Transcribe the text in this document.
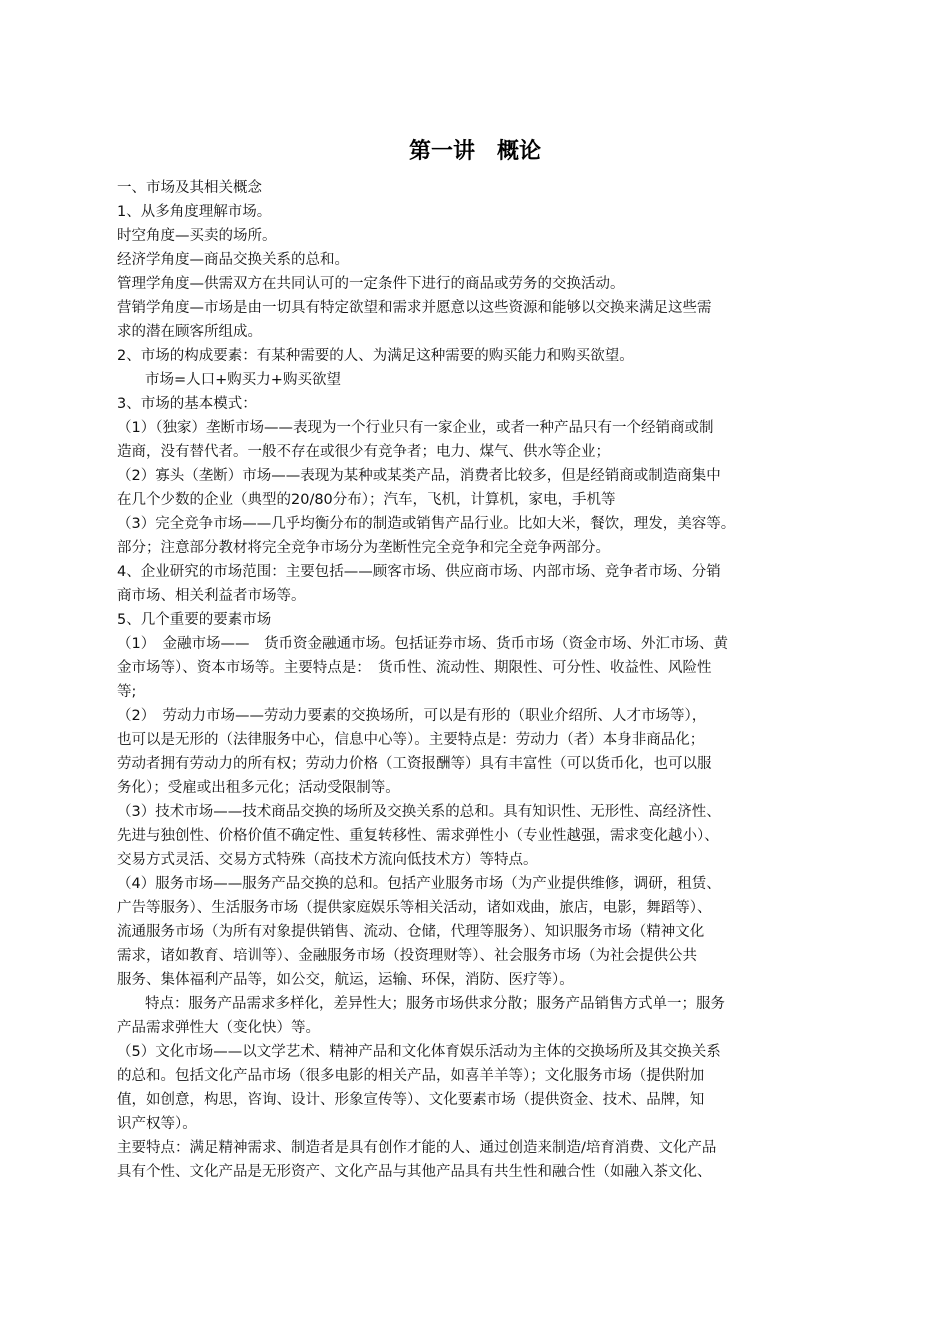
第一讲　概论
一、市场及其相关概念
1、从多角度理解市场。
时空角度—买卖的场所。
经济学角度—商品交换关系的总和。
管理学角度—供需双方在共同认可的一定条件下进行的商品或劳务的交换活动。
营销学角度—市场是由一切具有特定欲望和需求并愿意以这些资源和能够以交换来满足这些需
求的潜在顾客所组成。
2、市场的构成要素：有某种需要的人、为满足这种需要的购买能力和购买欲望。
市场=人口+购买力+购买欲望
3、市场的基本模式：
（1）（独家）垄断市场——表现为一个行业只有一家企业，或者一种产品只有一个经销商或制
造商，没有替代者。一般不存在或很少有竞争者；电力、煤气、供水等企业；
（2）寡头（垄断）市场——表现为某种或某类产品，消费者比较多，但是经销商或制造商集中
在几个少数的企业（典型的20/80分布）；汽车，飞机，计算机，家电，手机等
（3）完全竞争市场——几乎均衡分布的制造或销售产品行业。比如大米，餐饮，理发，美容等。
部分；注意部分教材将完全竞争市场分为垄断性完全竞争和完全竞争两部分。
4、企业研究的市场范围：主要包括——顾客市场、供应商市场、内部市场、竞争者市场、分销
商市场、相关利益者市场等。
5、几个重要的要素市场
（1）　金融市场——　货币资金融通市场。包括证券市场、货币市场（资金市场、外汇市场、黄
金市场等）、资本市场等。主要特点是：　货币性、流动性、期限性、可分性、收益性、风险性
等;
（2）　劳动力市场——劳动力要素的交换场所，可以是有形的（职业介绍所、人才市场等），
也可以是无形的（法律服务中心，信息中心等）。主要特点是：劳动力（者）本身非商品化；
劳动者拥有劳动力的所有权；劳动力价格（工资报酬等）具有丰富性（可以货币化，也可以服
务化）；受雇或出租多元化；活动受限制等。
（3）技术市场——技术商品交换的场所及交换关系的总和。具有知识性、无形性、高经济性、
先进与独创性、价格价值不确定性、重复转移性、需求弹性小（专业性越强，需求变化越小）、
交易方式灵活、交易方式特殊（高技术方流向低技术方）等特点。
（4）服务市场——服务产品交换的总和。包括产业服务市场（为产业提供维修，调研，租赁、
广告等服务）、生活服务市场（提供家庭娱乐等相关活动，诸如戏曲，旅店，电影，舞蹈等）、
流通服务市场（为所有对象提供销售、流动、仓储，代理等服务）、知识服务市场（精神文化
需求，诸如教育、培训等）、金融服务市场（投资理财等）、社会服务市场（为社会提供公共
服务、集体福利产品等，如公交，航运，运输、环保，消防、医疗等）。
特点：服务产品需求多样化，差异性大；服务市场供求分散；服务产品销售方式单一；服务
产品需求弹性大（变化快）等。
（5）文化市场——以文学艺术、精神产品和文化体育娱乐活动为主体的交换场所及其交换关系
的总和。包括文化产品市场（很多电影的相关产品，如喜羊羊等）；文化服务市场（提供附加
值，如创意，构思，咨询、设计、形象宣传等）、文化要素市场（提供资金、技术、品牌，知
识产权等）。
主要特点：满足精神需求、制造者是具有创作才能的人、通过创造来制造/培育消费、文化产品
具有个性、文化产品是无形资产、文化产品与其他产品具有共生性和融合性（如融入茶文化、
